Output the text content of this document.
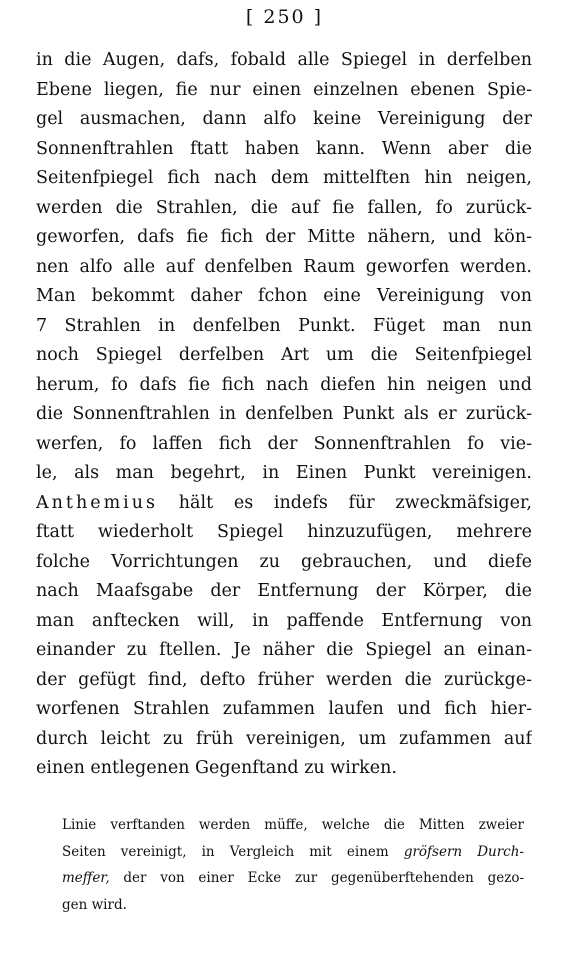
[ 250 ]
in die Augen, dafs, fobald alle Spiegel in derfelben
Ebene liegen, fie nur einen einzelnen ebenen Spie-
gel ausmachen, dann alfo keine Vereinigung der
Sonnenftrahlen ftatt haben kann. Wenn aber die
Seitenfpiegel fich nach dem mittelften hin neigen,
werden die Strahlen, die auf fie fallen, fo zurück-
geworfen, dafs fie fich der Mitte nähern, und kön-
nen alfo alle auf denfelben Raum geworfen werden.
Man bekommt daher fchon eine Vereinigung von
7 Strahlen in denfelben Punkt. Füget man nun
noch Spiegel derfelben Art um die Seitenfpiegel
herum, fo dafs fie fich nach diefen hin neigen und
die Sonnenftrahlen in denfelben Punkt als er zurück-
werfen, fo laffen fich der Sonnenftrahlen fo vie-
le, als man begehrt, in Einen Punkt vereinigen.
Anthemius hält es indefs für zweckmäfsiger,
ftatt wiederholt Spiegel hinzuzufügen, mehrere
folche Vorrichtungen zu gebrauchen, und diefe
nach Maafsgabe der Entfernung der Körper, die
man anftecken will, in paffende Entfernung von
einander zu ftellen. Je näher die Spiegel an einan-
der gefügt find, defto früher werden die zurückge-
worfenen Strahlen zufammen laufen und fich hier-
durch leicht zu früh vereinigen, um zufammen auf
einen entlegenen Gegenftand zu wirken.
Linie verftanden werden müffe, welche die Mitten zweier
Seiten vereinigt, in Vergleich mit einem gröfsern Durch-
meffer, der von einer Ecke zur gegenüberftehenden gezo-
gen wird.
